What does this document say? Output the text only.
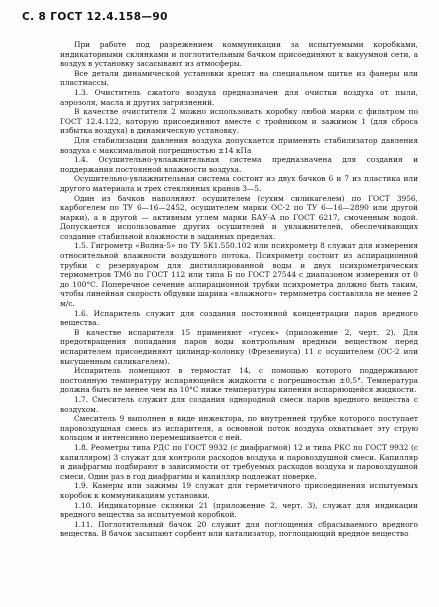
С. 8 ГОСТ 12.4.158—90

При работе под разрежением коммуникации за испытуемыми коробками, индикаторными склянками и поглотительным бачком присоединяют к вакуумной сети, а воздух в установку засасывают из атмосферы.

Все детали динамической установки крепят на специальном щитке из фанеры или пластмассы.

1.3. Очиститель сжатого воздуха предназначен для очистки воздуха от пыли, аэрозоля, масла и других загрязнений.

В качестве очистителя 2 можно использовать коробку любой марки с фильтром по ГОСТ 12.4.122, которую присоединяют вместе с тройником и зажимом 1 (для сброса избытка воздуха) в динамическую установку.

Для стабилизации давления воздуха допускается применять стабилизатор давления воздуха с максимальной погрешностью ±14 кПа

1.4. Осушительно-увлажнительная система предназначена для создания и поддержания постоянной влажности воздуха.

Осушительно-увлажнительная система состоит из двух бачков 6 и 7 из пластика или другого материала и трех стеклянных кранов 3—5.

Один из бачков наполняют осушителем (сухим силикагелем) по ГОСТ 3956, карбогелем по ТУ 6—16—2452, осушителем марки ОС-2 по ТУ 6—16—2890 или другой марки), а в другой — активным углем марки БАУ-А по ГОСТ 6217, смоченным водой. Допускается использование других осушителей и увлажнителей, обеспечивающих создание стабильной влажности в заданных пределах.

1.5. Гигрометр «Волна-5» по ТУ 5К1.550.102 или психрометр 8 служат для измерения относительной влажности воздушного потока. Психрометр состоит из аспирационной трубки с резервуаром для дистиллированной воды и двух психрометрических термометров ТМ6 по ГОСТ 112 или типа Б по ГОСТ 27544 с диапазоном измерения от 0 до 100°С. Поперечное сечение аспирационной трубки психрометра должно быть таким, чтобы линейная скорость обдувки шарика «влажного» термометра составляла не менее 2 м/с.

1.6. Испаритель служит для создания постоянной концентрации паров вредного вещества.

В качестве испарителя 15 применяют «гусек» (приложение 2, черт. 2). Для предотвращения попадания паров воды контрольным вредным веществом перед испарителем присоединяют цилиндр-колонку (Фрезениуса) 11 с осушителем (ОС-2 или высушенным силикагелем).

Испаритель помещают в термостат 14, с помощью которого поддерживают постоянную температуру испаряющейся жидкости с погрешностью ±0,5°. Температура должна быть не менее чем на 10°С ниже температуры кипения испаряющейся жидкости.

1.7. Смеситель служит для создания однородной смеси паров вредного вещества с воздухом.

Смеситель 9 выполнен в виде инжектора, по внутренней трубке которого поступает паровоздушная смесь из испарителя, а основной поток воздуха охватывает эту струю кольцом и интенсивно перемешивается с ней.

1.8. Реометры типа РДС по ГОСТ 9932 (с диафрагмой) 12 и типа РКС по ГОСТ 9932 (с капилляром) 3 служат для контроля расходов воздуха и паровоздушной смеси. Капилляр и диафрагмы подбирают в зависимости от требуемых расходов воздуха и паровоздушной смеси. Один раз в год диафрагмы и капилляр подлежат поверке.

1.9. Камеры или зажимы 19 служат для герметичного присоединения испытуемых коробок к коммуникациям установки.

1.10. Индикаторные склянки 21 (приложение 2, черт. 3), служат для индикации вредного вещества за испытуемой коробкой.

1.11. Поглотительный бачок 20 служит для поглощения сбрасываемого вредного вещества. В бачок засыпают сорбент или катализатор, поглощающий вредное вещество
